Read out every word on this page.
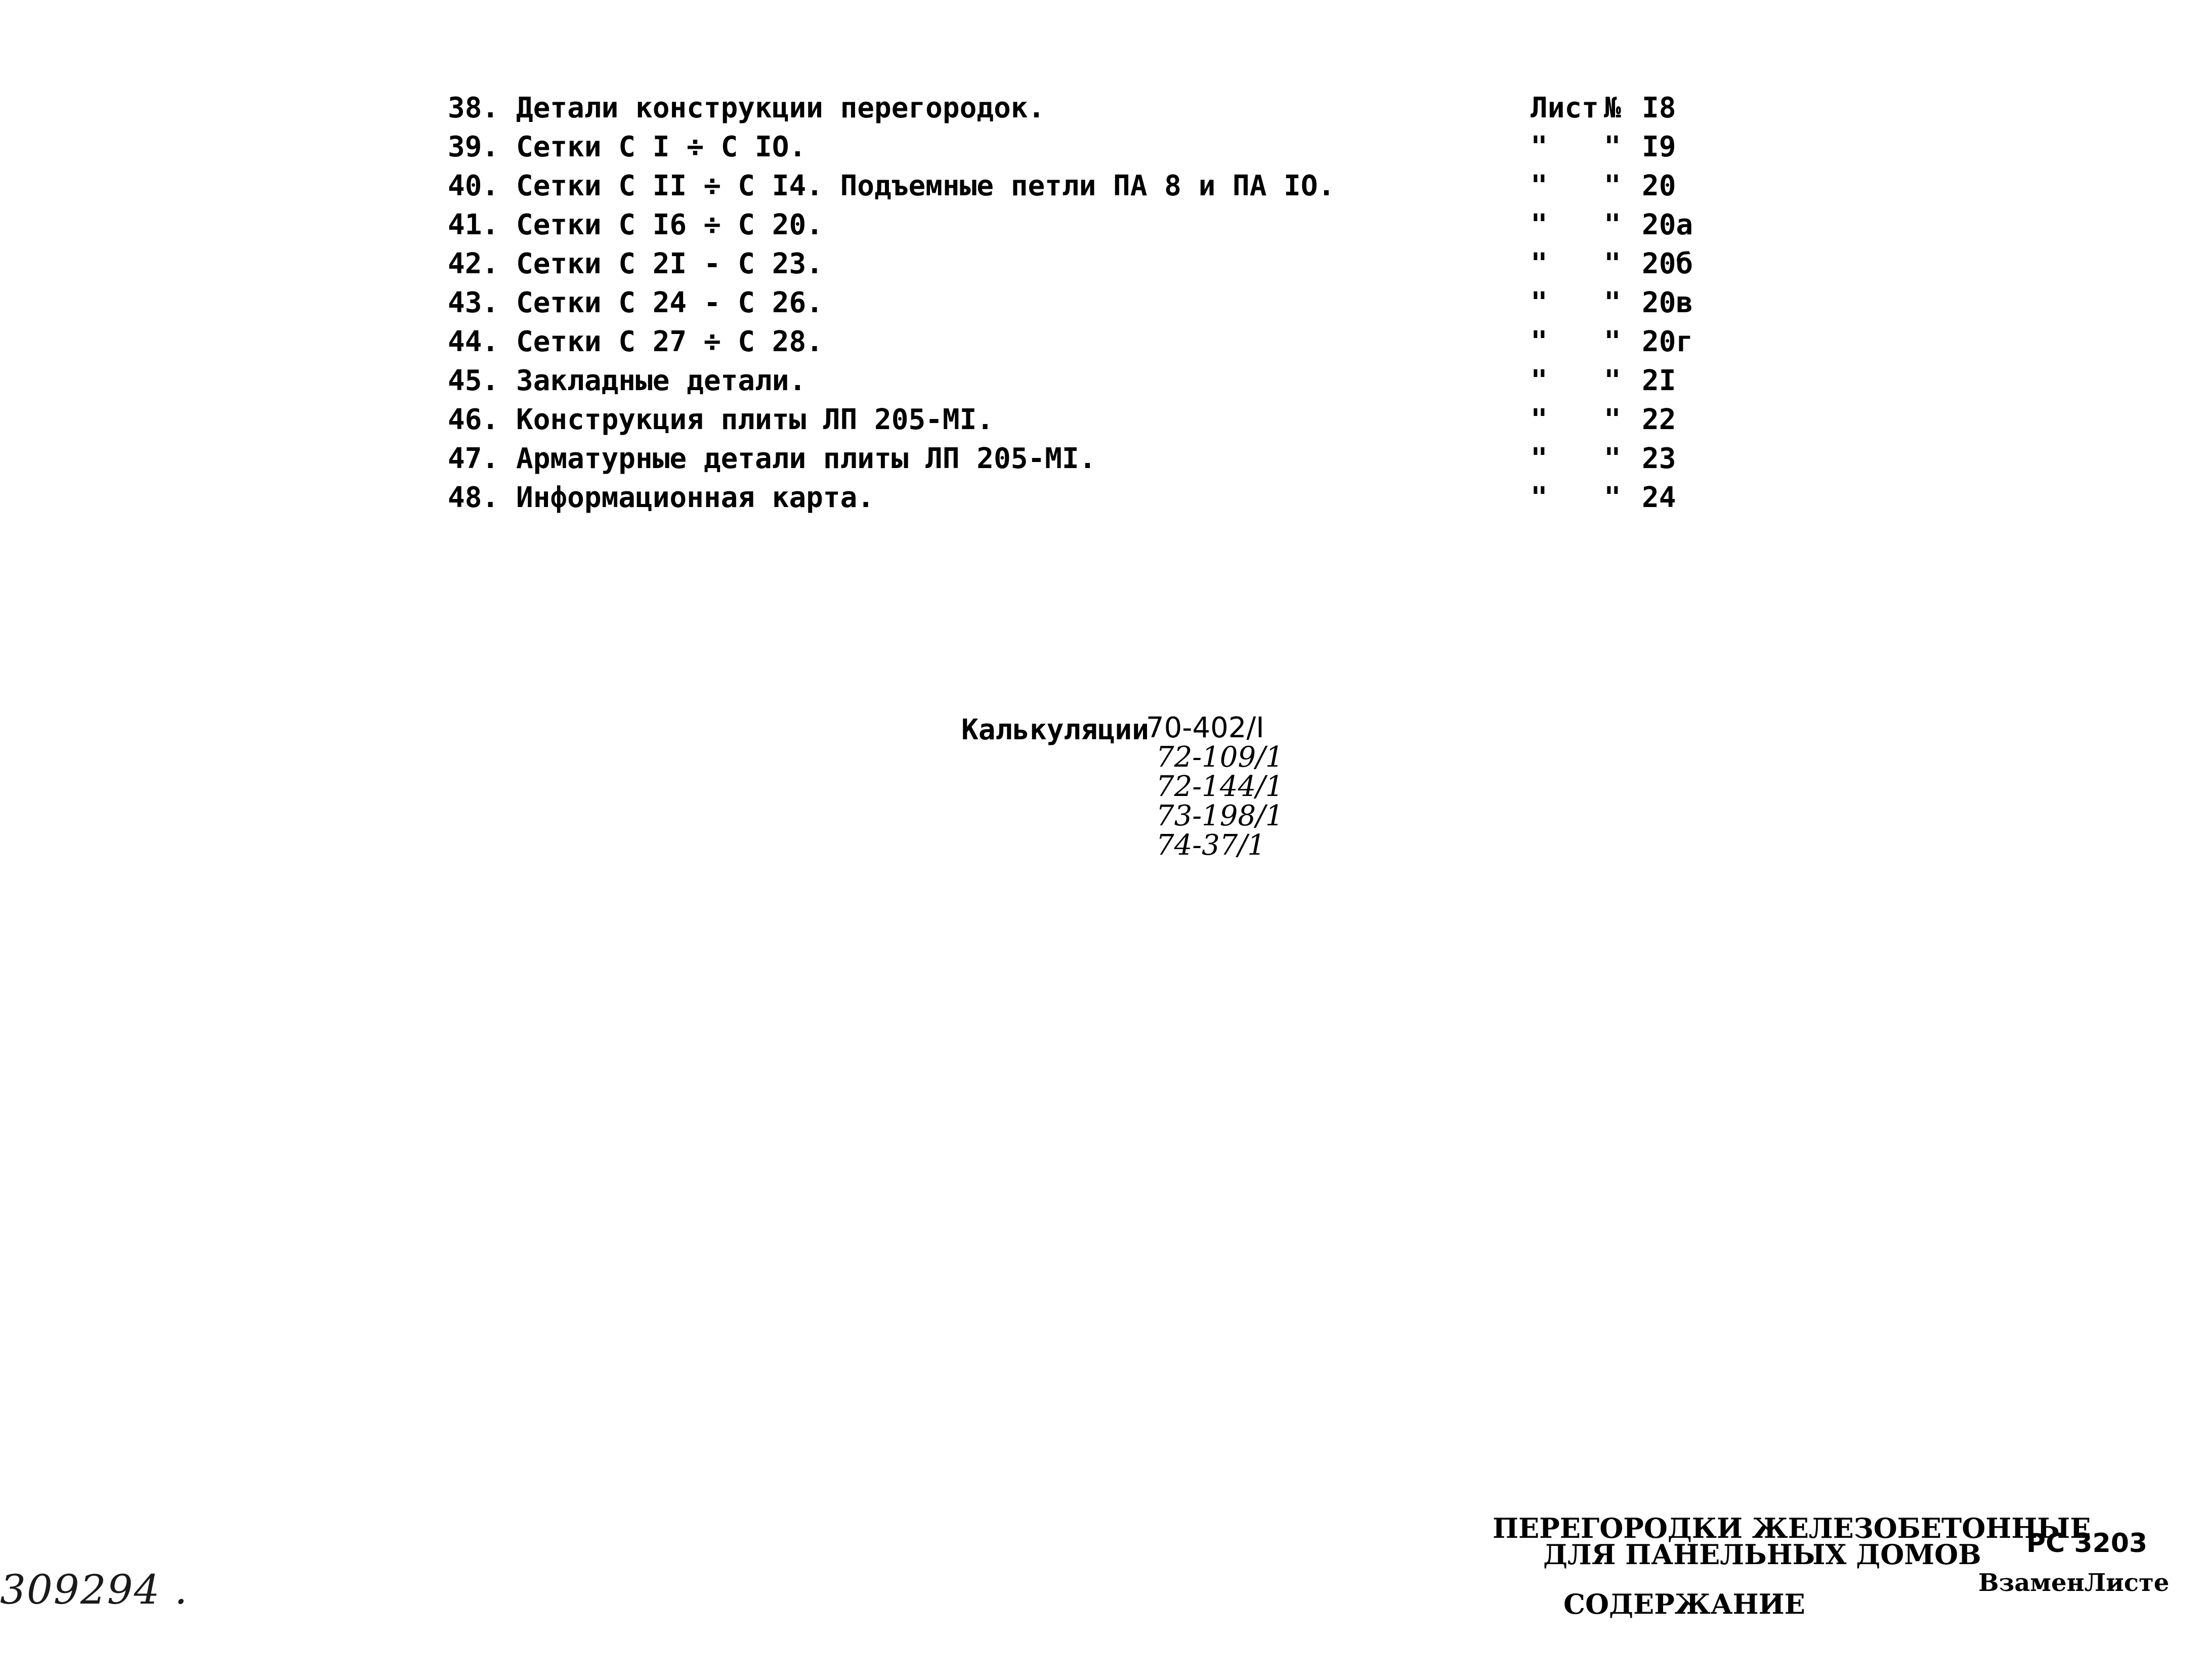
38. Детали конструкции перегородок.	Лист № I8
39. Сетки С I ÷ С IO.	" " I9
40. Сетки С II ÷ С I4. Подъемные петли ПА 8 и ПА IO.	" " 20
41. Сетки С I6 ÷ С 20.	" " 20а
42. Сетки С 2I - С 23.	" " 20б
43. Сетки С 24 - С 26.	" " 20в
44. Сетки С 27 ÷ С 28.	" " 20г
45. Закладные детали.	" " 2I
46. Конструкция плиты ЛП 205-МI.	" " 22
47. Арматурные детали плиты ЛП 205-МI.	" " 23
48. Информационная карта.	" " 24
Калькуляции
70-402/I
72-109/1
72-144/1
73-198/1
74-37/1
309294 .
ПЕРЕГОРОДКИ ЖЕЛЕЗОБЕТОННЫЕ
ДЛЯ ПАНЕЛЬНЫХ ДОМОВ
СОДЕРЖАНИЕ
РС 3203
ВзаменЛисте
